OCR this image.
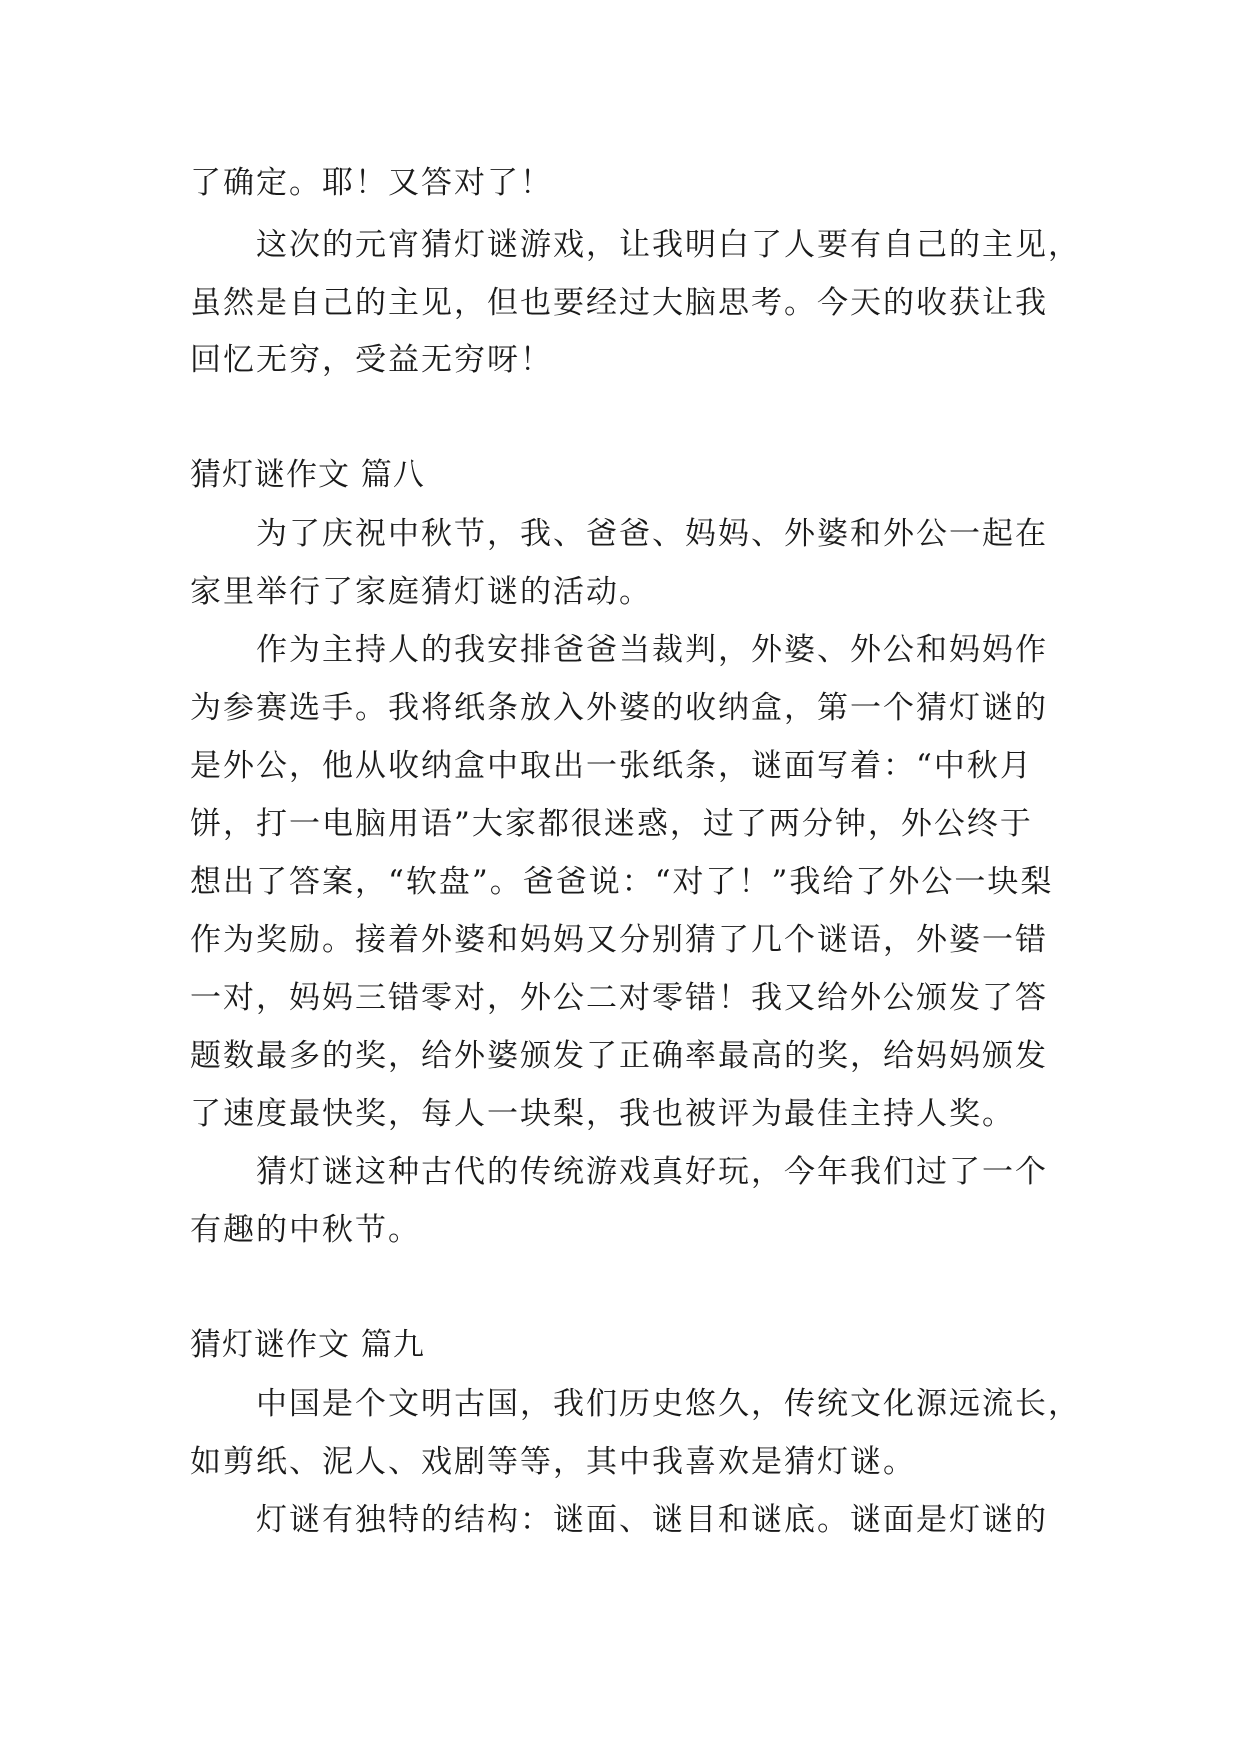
了确定。耶！又答对了！
这次的元宵猜灯谜游戏，让我明白了人要有自己的主见，
虽然是自己的主见，但也要经过大脑思考。今天的收获让我
回忆无穷，受益无穷呀！
猜灯谜作文 篇八
为了庆祝中秋节，我、爸爸、妈妈、外婆和外公一起在
家里举行了家庭猜灯谜的活动。
作为主持人的我安排爸爸当裁判，外婆、外公和妈妈作
为参赛选手。我将纸条放入外婆的收纳盒，第一个猜灯谜的
是外公，他从收纳盒中取出一张纸条，谜面写着：“中秋月
饼，打一电脑用语”大家都很迷惑，过了两分钟，外公终于
想出了答案，“软盘”。爸爸说：“对了！”我给了外公一块梨
作为奖励。接着外婆和妈妈又分别猜了几个谜语，外婆一错
一对，妈妈三错零对，外公二对零错！我又给外公颁发了答
题数最多的奖，给外婆颁发了正确率最高的奖，给妈妈颁发
了速度最快奖，每人一块梨，我也被评为最佳主持人奖。
猜灯谜这种古代的传统游戏真好玩，今年我们过了一个
有趣的中秋节。
猜灯谜作文 篇九
中国是个文明古国，我们历史悠久，传统文化源远流长，
如剪纸、泥人、戏剧等等，其中我喜欢是猜灯谜。
灯谜有独特的结构：谜面、谜目和谜底。谜面是灯谜的
